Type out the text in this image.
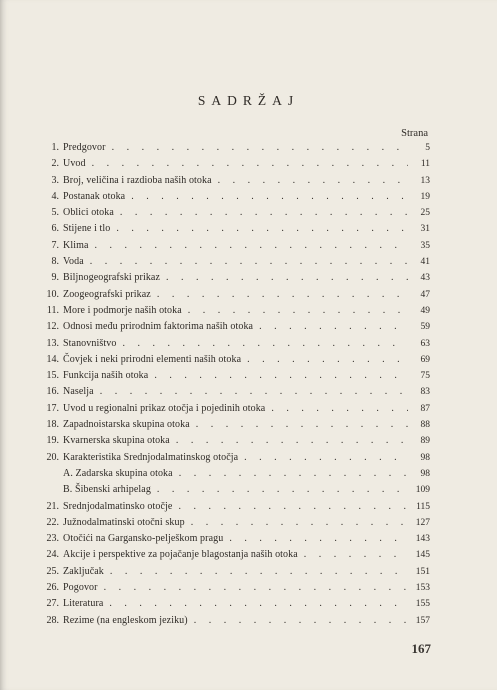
SADRŽAJ
Strana
1. Predgovor . . .	5
2. Uvod . . .	11
3. Broj, veličina i razdioba naših otoka . . .	13
4. Postanak otoka . . .	19
5. Oblici otoka . . .	25
6. Stijene i tlo . . .	31
7. Klima . . .	35
8. Voda . . .	41
9. Biljnogeografski prikaz . . .	43
10. Zoogeografski prikaz . . .	47
11. More i podmorje naših otoka . . .	49
12. Odnosi među prirodnim faktorima naših otoka . . .	59
13. Stanovništvo . . .	63
14. Čovjek i neki prirodni elementi naših otoka . . .	69
15. Funkcija naših otoka . . .	75
16. Naselja . . .	83
17. Uvod u regionalni prikaz otočja i pojedinih otoka . . .	87
18. Zapadnoistarska skupina otoka . . .	88
19. Kvarnerska skupina otoka . . .	89
20. Karakteristika Srednjodalmatinskog otočja . . .	98
A. Zadarska skupina otoka . . .	98
B. Šibenski arhipelag . . .	109
21. Srednjodalmatinsko otočje . . .	115
22. Južnodalmatinski otočni skup . . .	127
23. Otočići na Gargansko-pelješkom pragu . . .	143
24. Akcije i perspektive za pojačanje blagostanja naših otoka . . .	145
25. Zaključak . . .	151
26. Pogovor . . .	153
27. Literatura . . .	155
28. Rezime (na engleskom jeziku) . . .	157
167
